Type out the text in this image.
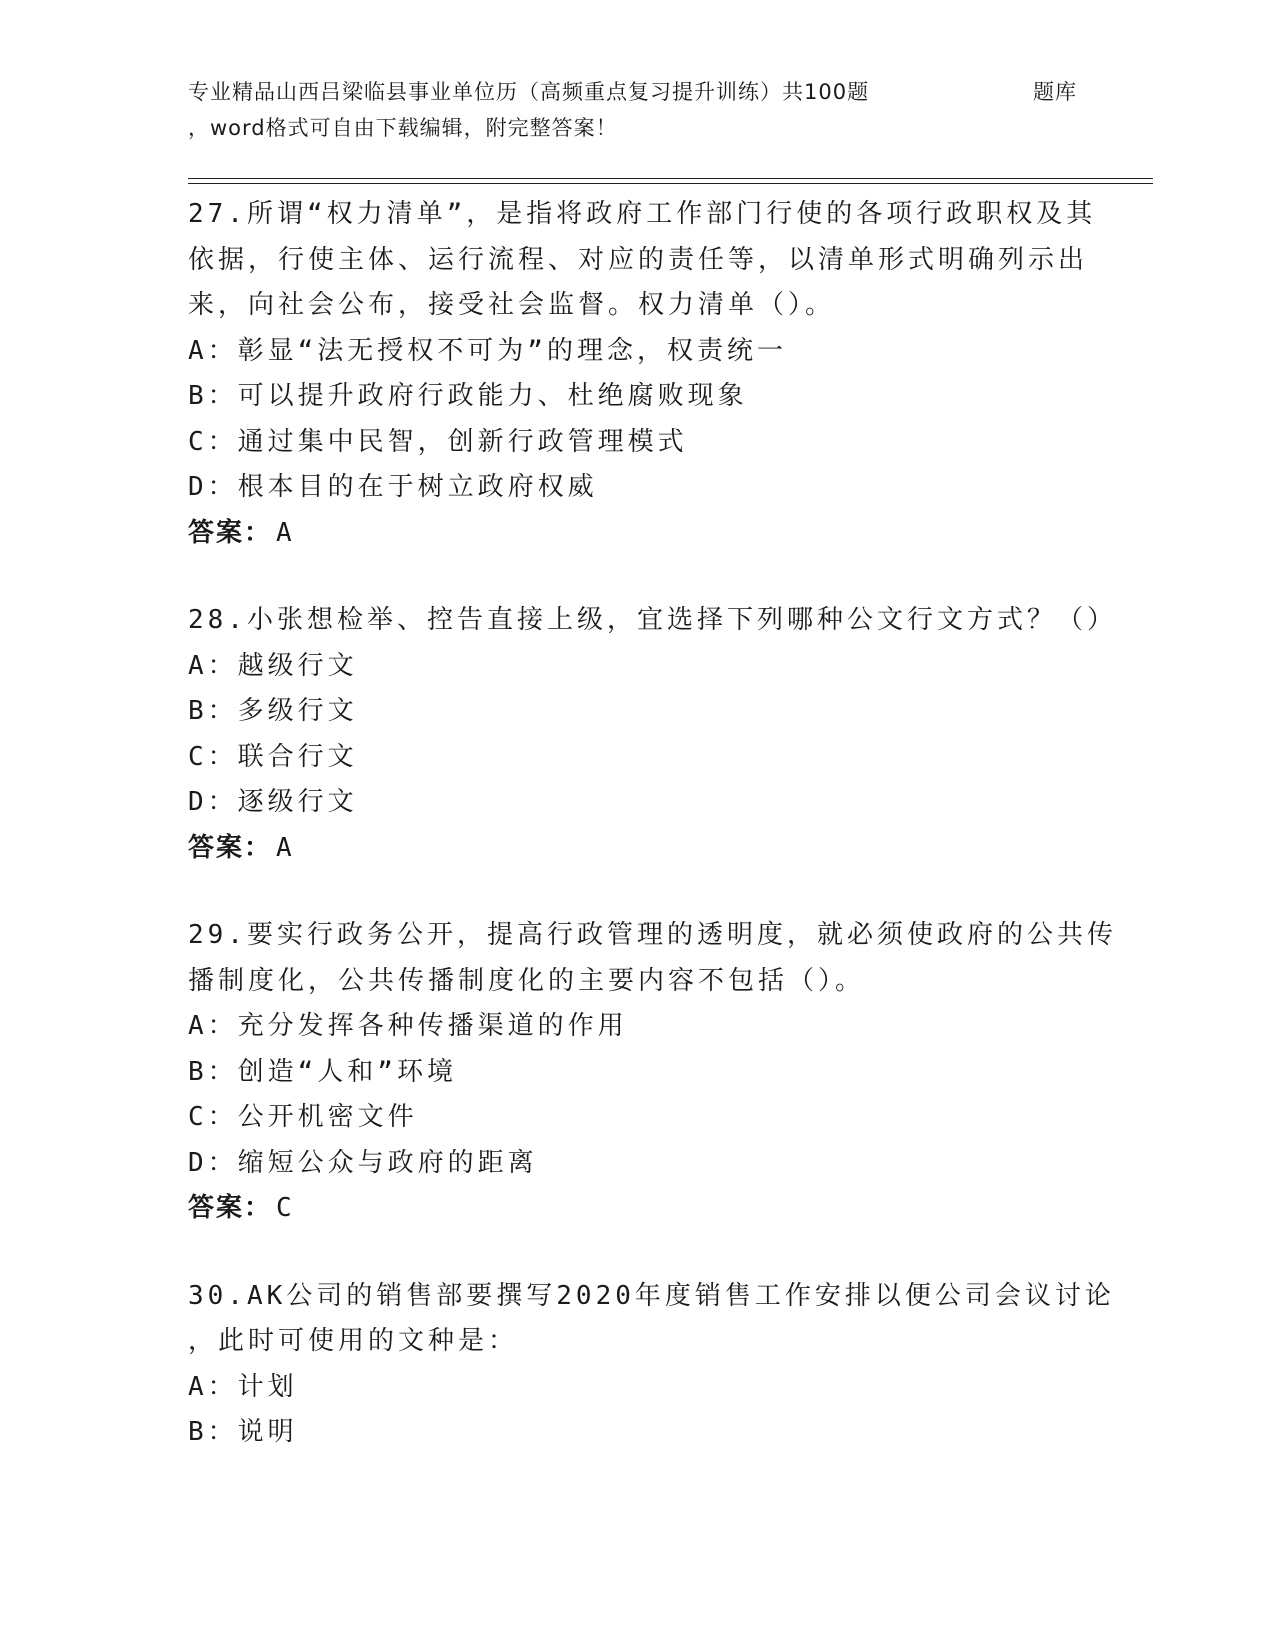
专业精品山西吕梁临县事业单位历（高频重点复习提升训练）共100题	题库
，word格式可自由下载编辑，附完整答案！
27.所谓“权力清单”，是指将政府工作部门行使的各项行政职权及其
依据，行使主体、运行流程、对应的责任等，以清单形式明确列示出
来，向社会公布，接受社会监督。权力清单（）。
A：彰显“法无授权不可为”的理念，权责统一
B：可以提升政府行政能力、杜绝腐败现象
C：通过集中民智，创新行政管理模式
D：根本目的在于树立政府权威
答案： A
28.小张想检举、控告直接上级，宜选择下列哪种公文行文方式？（）
A：越级行文
B：多级行文
C：联合行文
D：逐级行文
答案： A
29.要实行政务公开，提高行政管理的透明度，就必须使政府的公共传
播制度化，公共传播制度化的主要内容不包括（）。
A：充分发挥各种传播渠道的作用
B：创造“人和”环境
C：公开机密文件
D：缩短公众与政府的距离
答案： C
30.AK公司的销售部要撰写2020年度销售工作安排以便公司会议讨论
，此时可使用的文种是：
A：计划
B：说明
